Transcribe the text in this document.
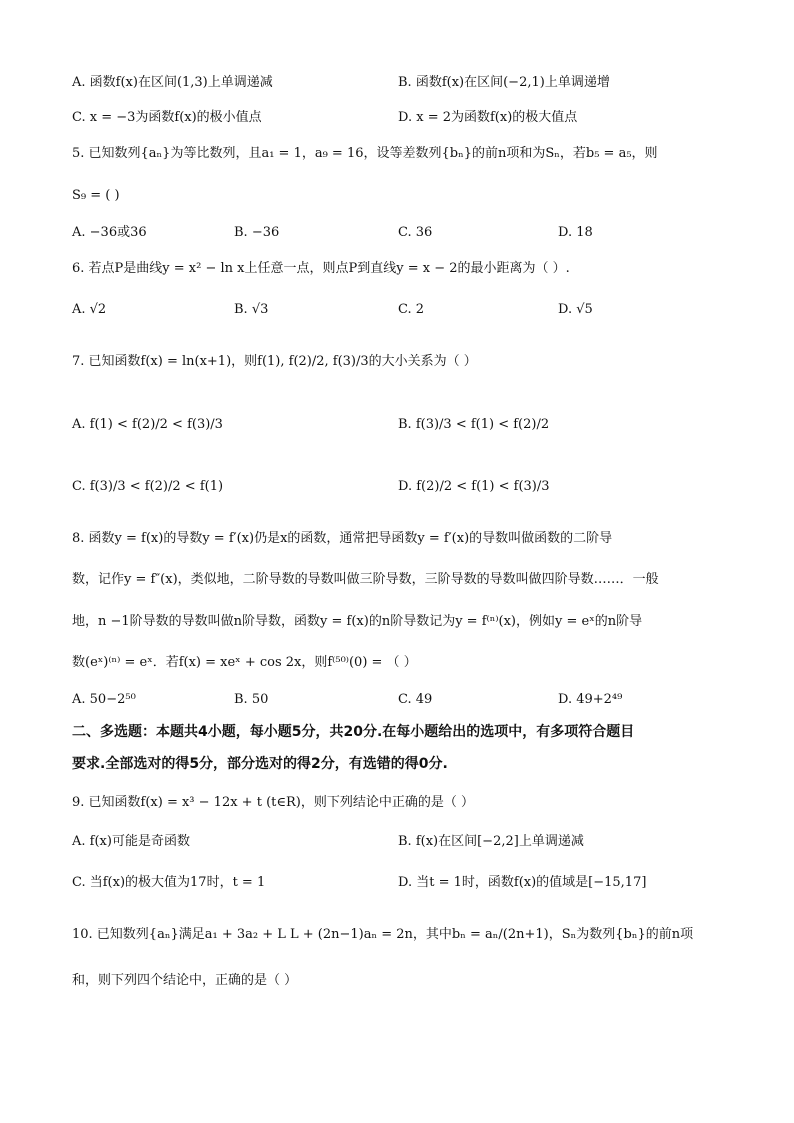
A. 函数f(x)在区间(1,3)上单调递减	B. 函数f(x)在区间(−2,1)上单调递增
C. x = −3为函数f(x)的极小值点	D. x = 2为函数f(x)的极大值点
5. 已知数列{aₙ}为等比数列，且a₁ = 1，a₉ = 16，设等差数列{bₙ}的前n项和为Sₙ，若b₅ = a₅，则
S₉ = ( )
A. −36或36	B. −36	C. 36	D. 18
6. 若点P是曲线y = x² − ln x上任意一点，则点P到直线y = x − 2的最小距离为（ ）.
A. √2	B. √3	C. 2	D. √5
7. 已知函数f(x) = ln(x+1)，则f(1), f(2)/2, f(3)/3的大小关系为（ ）
A. f(1) < f(2)/2 < f(3)/3	B. f(3)/3 < f(1) < f(2)/2
C. f(3)/3 < f(2)/2 < f(1)	D. f(2)/2 < f(1) < f(3)/3
8. 函数y = f(x)的导数y = f′(x)仍是x的函数，通常把导函数y = f′(x)的导数叫做函数的二阶导
数，记作y = f″(x)，类似地，二阶导数的导数叫做三阶导数，三阶导数的导数叫做四阶导数……．一般
地，n −1阶导数的导数叫做n阶导数，函数y = f(x)的n阶导数记为y = f⁽ⁿ⁾(x)，例如y = eˣ的n阶导
数(eˣ)⁽ⁿ⁾ = eˣ．若f(x) = xeˣ + cos 2x，则f⁽⁵⁰⁾(0) = （ ）
A. 50−2⁵⁰	B. 50	C. 49	D. 49+2⁴⁹
二、多选题：本题共4小题，每小题5分，共20分.在每小题给出的选项中，有多项符合题目
要求.全部选对的得5分，部分选对的得2分，有选错的得0分.
9. 已知函数f(x) = x³ − 12x + t (t∈R)，则下列结论中正确的是（ ）
A. f(x)可能是奇函数	B. f(x)在区间[−2,2]上单调递减
C. 当f(x)的极大值为17时，t = 1	D. 当t = 1时，函数f(x)的值域是[−15,17]
10. 已知数列{aₙ}满足a₁ + 3a₂ + L L + (2n−1)aₙ = 2n，其中bₙ = aₙ/(2n+1)，Sₙ为数列{bₙ}的前n项
和，则下列四个结论中，正确的是（ ）
